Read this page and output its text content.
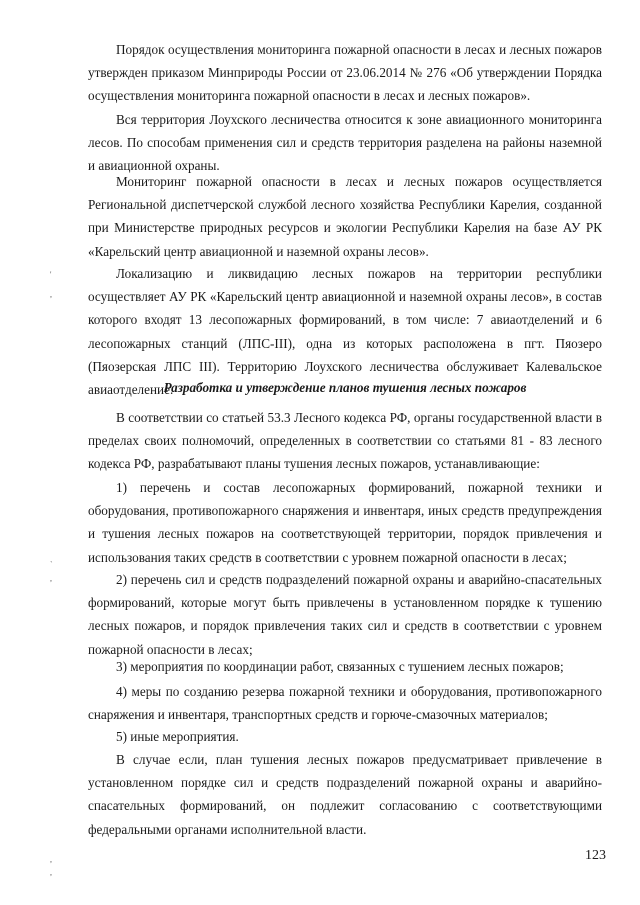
Порядок осуществления мониторинга пожарной опасности в лесах и лесных пожаров утвержден приказом Минприроды России от 23.06.2014 № 276 «Об утверждении Порядка осуществления мониторинга пожарной опасности в лесах и лесных пожаров».

Вся территория Лоухского лесничества относится к зоне авиационного мониторинга лесов. По способам применения сил и средств территория разделена на районы наземной и авиационной охраны.

Мониторинг пожарной опасности в лесах и лесных пожаров осуществляется Региональной диспетчерской службой лесного хозяйства Республики Карелия, созданной при Министерстве природных ресурсов и экологии Республики Карелия на базе АУ РК «Карельский центр авиационной и наземной охраны лесов».

Локализацию и ликвидацию лесных пожаров на территории республики осуществляет АУ РК «Карельский центр авиационной и наземной охраны лесов», в состав которого входят 13 лесопожарных формирований, в том числе: 7 авиаотделений и 6 лесопожарных станций (ЛПС-III), одна из которых расположена в пгт. Пяозеро (Пяозерская ЛПС III). Территорию Лоухского лесничества обслуживает Калевальское авиаотделение.

Разработка и утверждение планов тушения лесных пожаров

В соответствии со статьей 53.3 Лесного кодекса РФ, органы государственной власти в пределах своих полномочий, определенных в соответствии со статьями 81 - 83 лесного кодекса РФ, разрабатывают планы тушения лесных пожаров, устанавливающие:

1) перечень и состав лесопожарных формирований, пожарной техники и оборудования, противопожарного снаряжения и инвентаря, иных средств предупреждения и тушения лесных пожаров на соответствующей территории, порядок привлечения и использования таких средств в соответствии с уровнем пожарной опасности в лесах;

2) перечень сил и средств подразделений пожарной охраны и аварийно-спасательных формирований, которые могут быть привлечены в установленном порядке к тушению лесных пожаров, и порядок привлечения таких сил и средств в соответствии с уровнем пожарной опасности в лесах;

3) мероприятия по координации работ, связанных с тушением лесных пожаров;

4) меры по созданию резерва пожарной техники и оборудования, противопожарного снаряжения и инвентаря, транспортных средств и горюче-смазочных материалов;

5) иные мероприятия.

В случае если, план тушения лесных пожаров предусматривает привлечение в установленном порядке сил и средств подразделений пожарной охраны и аварийно-спасательных формирований, он подлежит согласованию с соответствующими федеральными органами исполнительной власти.

'
,
`
,
,
,
123
